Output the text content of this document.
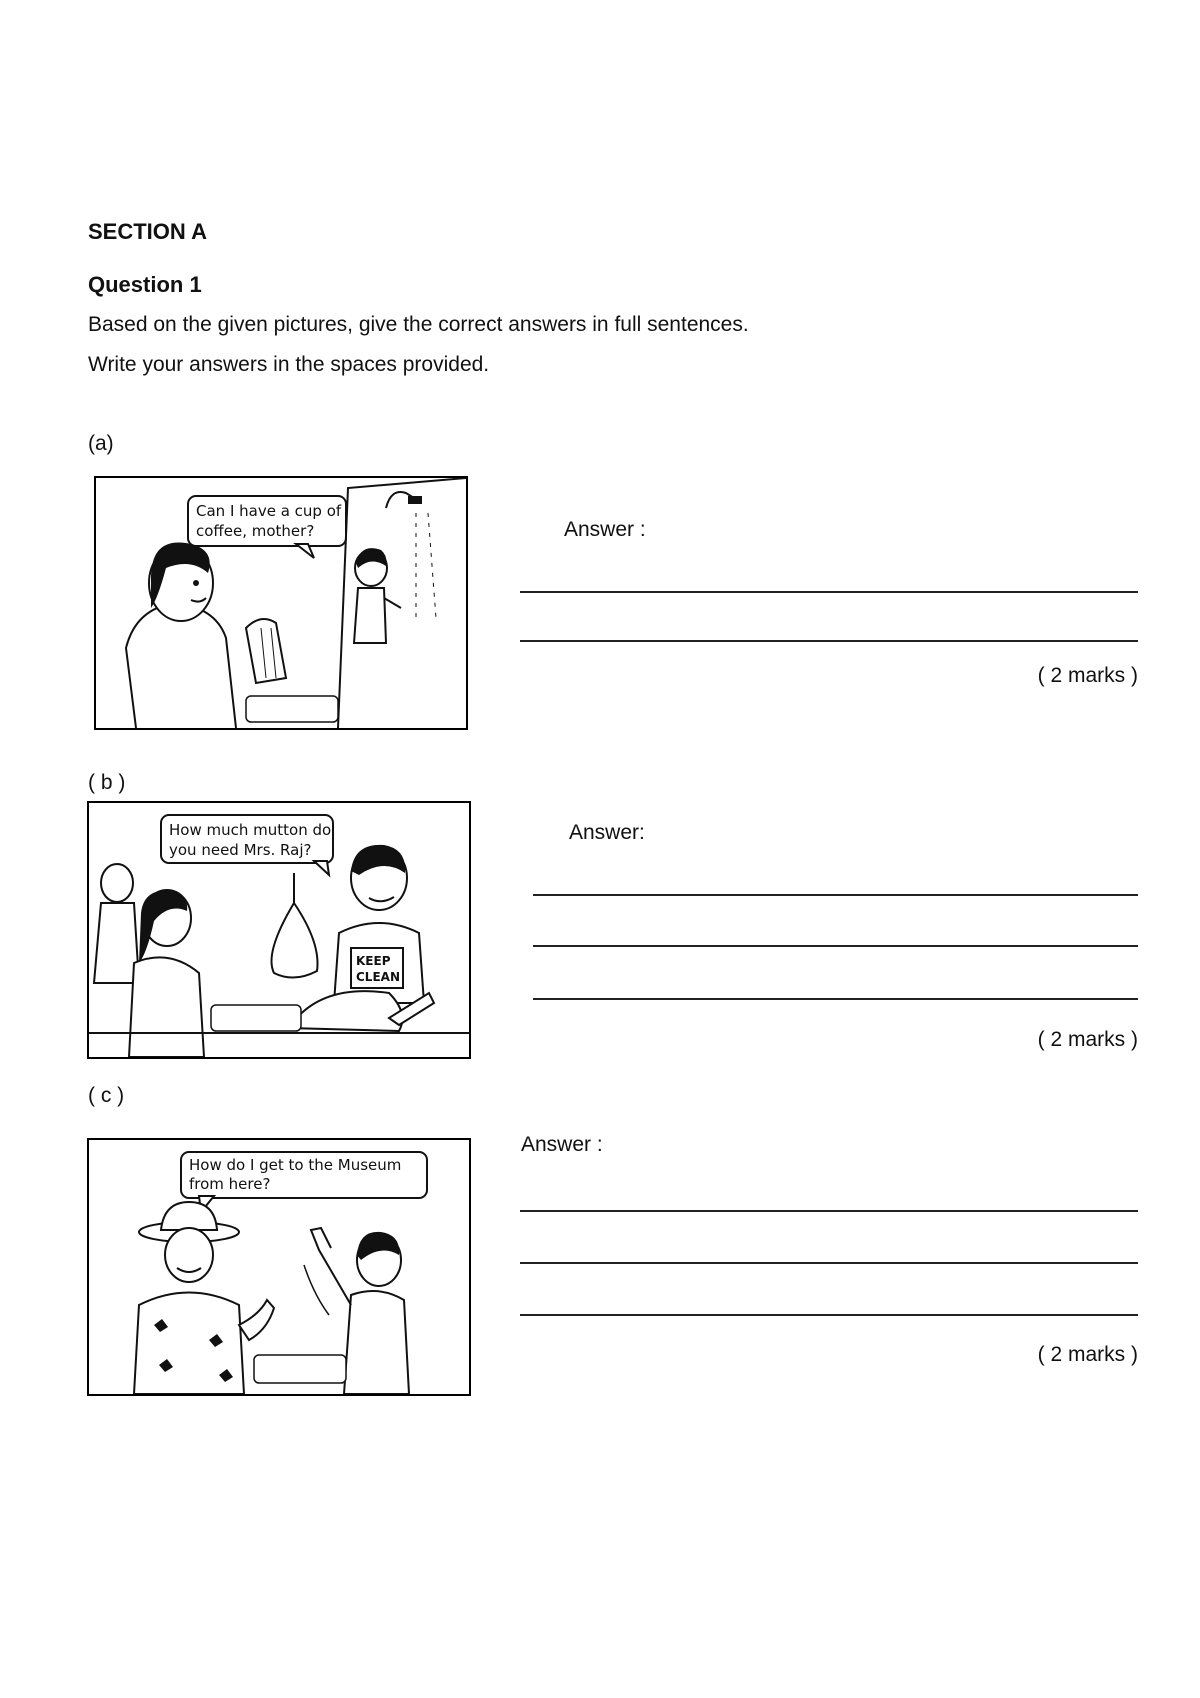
SECTION A
Question 1
Based on the given pictures, give the correct answers in full sentences.
Write your answers in the spaces provided.
(a)
Can I have a cup of
coffee, mother?	Answer :
( 2 marks )
( b )
How much mutton do
you need Mrs. Raj?
KEEP
CLEAN
Answer:
( 2 marks )
( c )
How do I get to the Museum
from here?
Answer :
( 2 marks )
